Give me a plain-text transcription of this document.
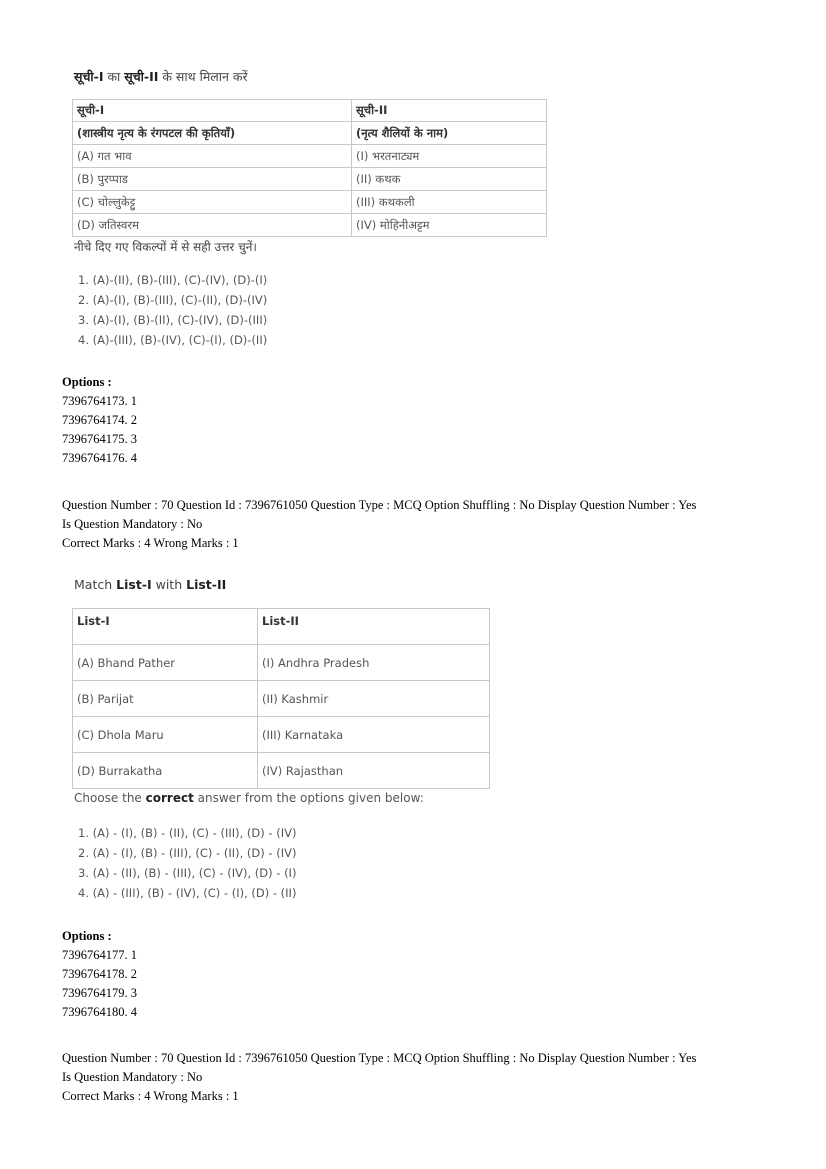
सूची-I का सूची-II के साथ मिलान करें
सूची-I	सूची-II
(शास्त्रीय नृत्य के रंगपटल की कृतियाँ)	(नृत्य शैलियों के नाम)
(A) गत भाव	(I) भरतनाट्यम
(B) पुरप्पाड	(II) कथक
(C) चोल्लुकेट्टु	(III) कथकली
(D) जतिस्वरम	(IV) मोहिनीअट्टम
नीचे दिए गए विकल्पों में से सही उत्तर चुनें।
1. (A)-(II), (B)-(III), (C)-(IV), (D)-(I)
2. (A)-(I), (B)-(III), (C)-(II), (D)-(IV)
3. (A)-(I), (B)-(II), (C)-(IV), (D)-(III)
4. (A)-(III), (B)-(IV), (C)-(I), (D)-(II)
Options :
7396764173. 1
7396764174. 2
7396764175. 3
7396764176. 4
Question Number : 70 Question Id : 7396761050 Question Type : MCQ Option Shuffling : No Display Question Number : Yes
Is Question Mandatory : No
Correct Marks : 4 Wrong Marks : 1
Match List-I with List-II
List-I	List-II
(A) Bhand Pather	(I) Andhra Pradesh
(B) Parijat	(II) Kashmir
(C) Dhola Maru	(III) Karnataka
(D) Burrakatha	(IV) Rajasthan
Choose the correct answer from the options given below:
1. (A) - (I), (B) - (II), (C) - (III), (D) - (IV)
2. (A) - (I), (B) - (III), (C) - (II), (D) - (IV)
3. (A) - (II), (B) - (III), (C) - (IV), (D) - (I)
4. (A) - (III), (B) - (IV), (C) - (I), (D) - (II)
Options :
7396764177. 1
7396764178. 2
7396764179. 3
7396764180. 4
Question Number : 70 Question Id : 7396761050 Question Type : MCQ Option Shuffling : No Display Question Number : Yes
Is Question Mandatory : No
Correct Marks : 4 Wrong Marks : 1
